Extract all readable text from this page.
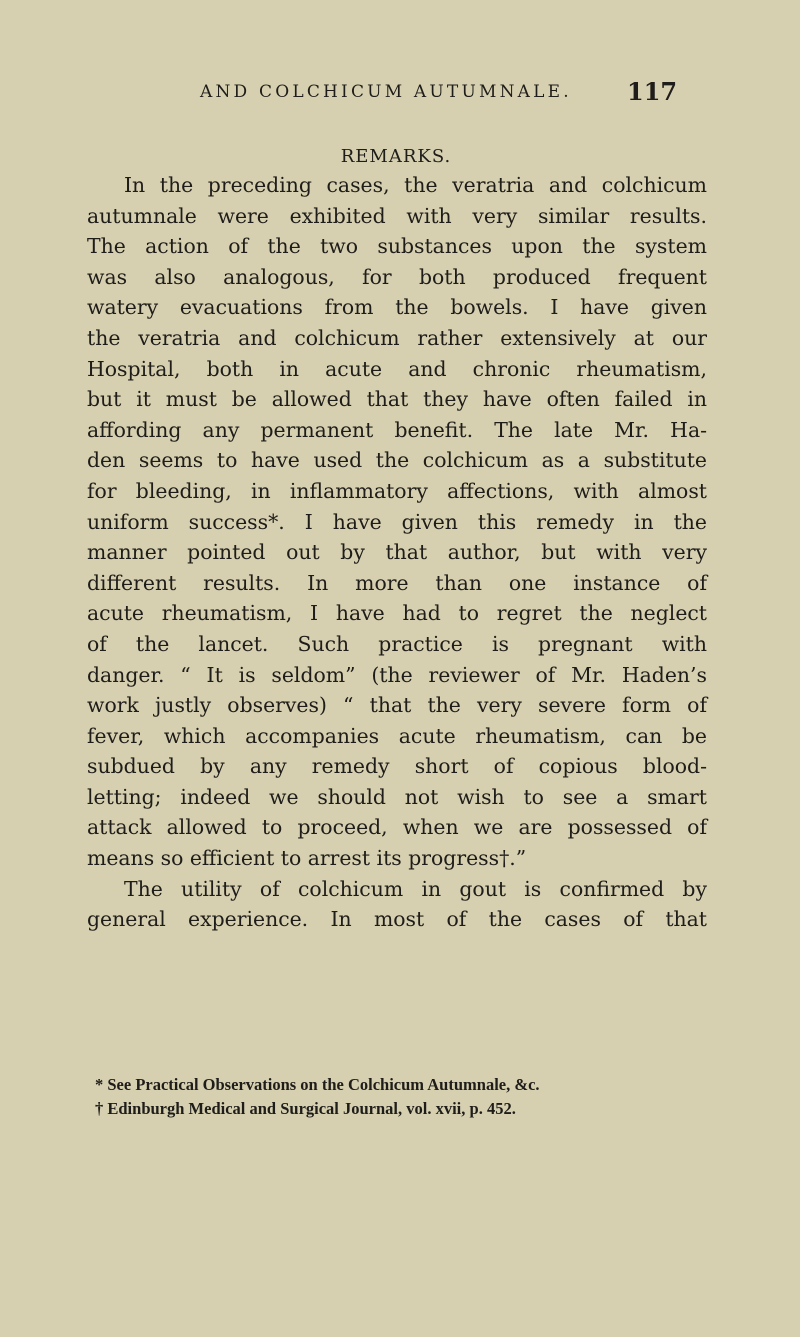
AND COLCHICUM AUTUMNALE.	117
REMARKS.
In the preceding cases, the veratria and colchicum
autumnale were exhibited with very similar results.
The action of the two substances upon the system
was also analogous, for both produced frequent
watery evacuations from the bowels. I have given
the veratria and colchicum rather extensively at our
Hospital, both in acute and chronic rheumatism,
but it must be allowed that they have often failed in
affording any permanent benefit. The late Mr. Ha-
den seems to have used the colchicum as a substitute
for bleeding, in inflammatory affections, with almost
uniform success*. I have given this remedy in the
manner pointed out by that author, but with very
different results. In more than one instance of
acute rheumatism, I have had to regret the neglect
of the lancet. Such practice is pregnant with
danger. “ It is seldom” (the reviewer of Mr. Haden’s
work justly observes) “ that the very severe form of
fever, which accompanies acute rheumatism, can be
subdued by any remedy short of copious blood-
letting; indeed we should not wish to see a smart
attack allowed to proceed, when we are possessed of
means so efficient to arrest its progress†.”
The utility of colchicum in gout is confirmed by
general experience. In most of the cases of that
* See Practical Observations on the Colchicum Autumnale, &c.
† Edinburgh Medical and Surgical Journal, vol. xvii, p. 452.
